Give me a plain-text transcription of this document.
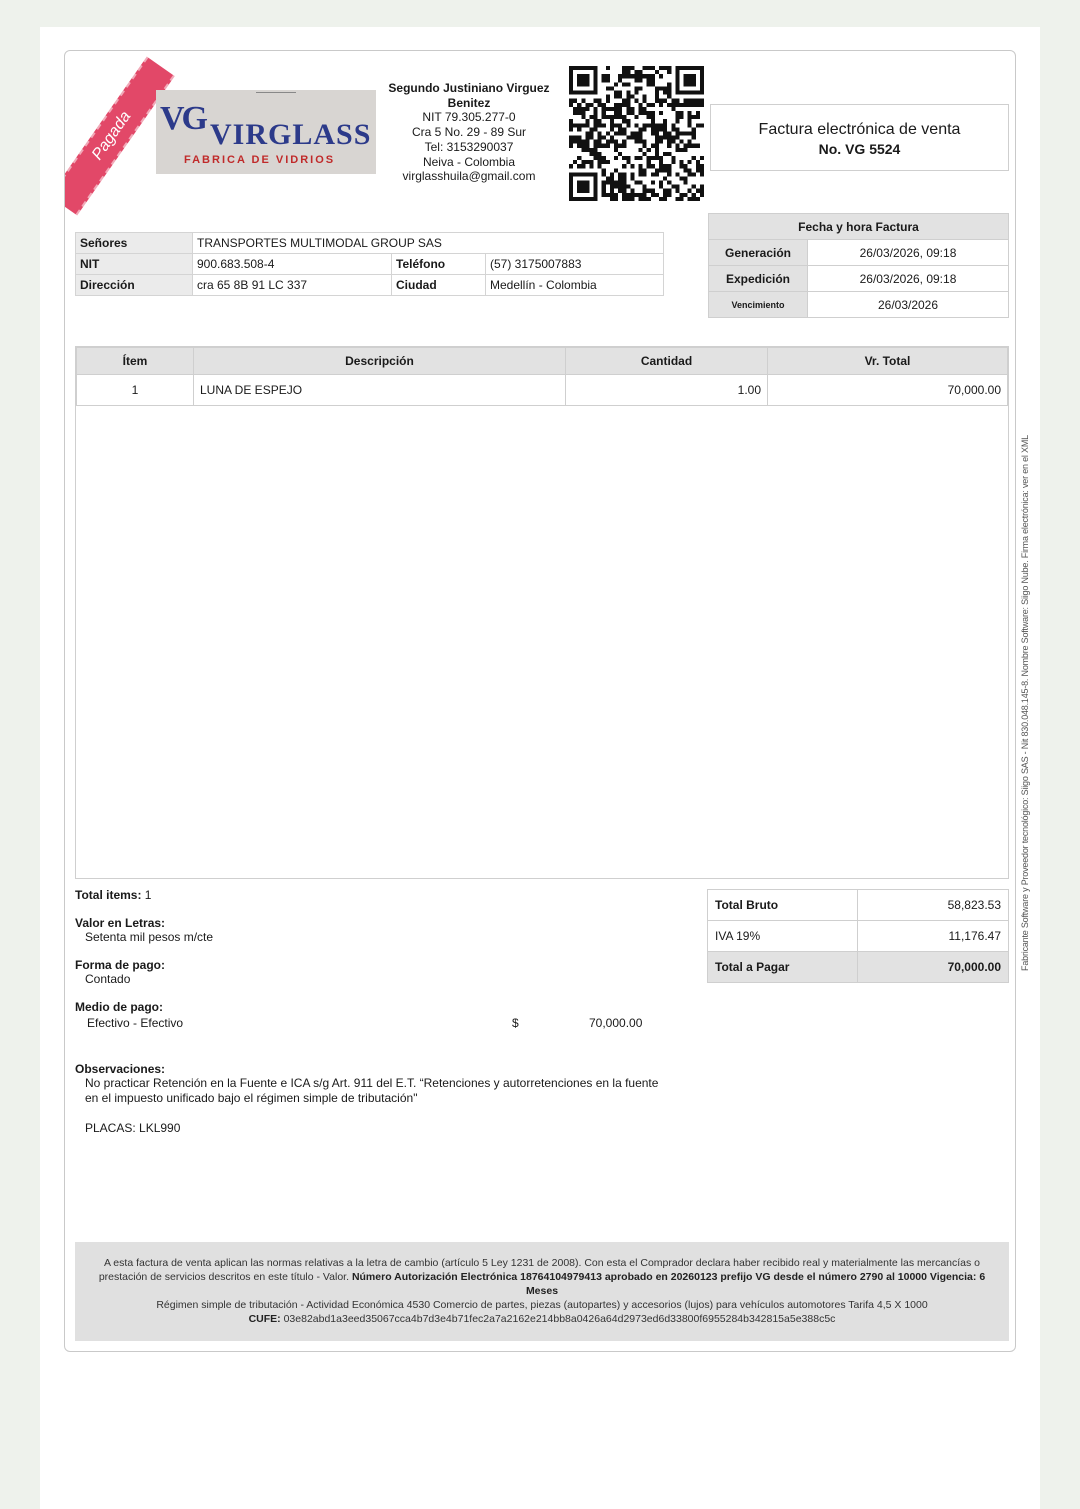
Pagada VG VIRGLASS
FABRICA DE VIDRIOS
Segundo Justiniano Virguez Benitez
NIT 79.305.277-0
Cra 5 No. 29 - 89 Sur
Tel: 3153290037
Neiva - Colombia
virglasshuila@gmail.com
Factura electrónica de venta
No. VG 5524
Señores	TRANSPORTES MULTIMODAL GROUP SAS		
NIT	900.683.508-4	Teléfono	(57) 3175007883
Dirección	cra 65 8B 91 LC 337	Ciudad	Medellín - Colombia
Fecha y hora Factura	
Generación	26/03/2026, 09:18
Expedición	26/03/2026, 09:18
Vencimiento	26/03/2026
Ítem	Descripción	Cantidad	Vr. Total
1	LUNA DE ESPEJO	1.00	70,000.00
Fabricante Software y Proveedor tecnológico: Siigo SAS - Nit 830.048.145-8. Nombre Software: Siigo Nube. Firma electrónica: ver en el XML
Total items: 1
Valor en Letras:
Setenta mil pesos m/cte
Forma de pago:
Contado
Medio de pago:
Efectivo - Efectivo	$	70,000.00
Observaciones:
No practicar Retención en la Fuente e ICA s/g Art. 911 del E.T. “Retenciones y autorretenciones en la fuente en el impuesto unificado bajo el régimen simple de tributación"
PLACAS: LKL990
Total Bruto	58,823.53
IVA 19%	11,176.47
Total a Pagar	70,000.00
A esta factura de venta aplican las normas relativas a la letra de cambio (artículo 5 Ley 1231 de 2008). Con esta el Comprador declara haber recibido real y materialmente las mercancías o prestación de servicios descritos en este título - Valor. Número Autorización Electrónica 18764104979413 aprobado en 20260123 prefijo VG desde el número 2790 al 10000 Vigencia: 6 Meses
Régimen simple de tributación - Actividad Económica 4530 Comercio de partes, piezas (autopartes) y accesorios (lujos) para vehículos automotores Tarifa 4,5 X 1000
CUFE: 03e82abd1a3eed35067cca4b7d3e4b71fec2a7a2162e214bb8a0426a64d2973ed6d33800f6955284b342815a5e388c5c
